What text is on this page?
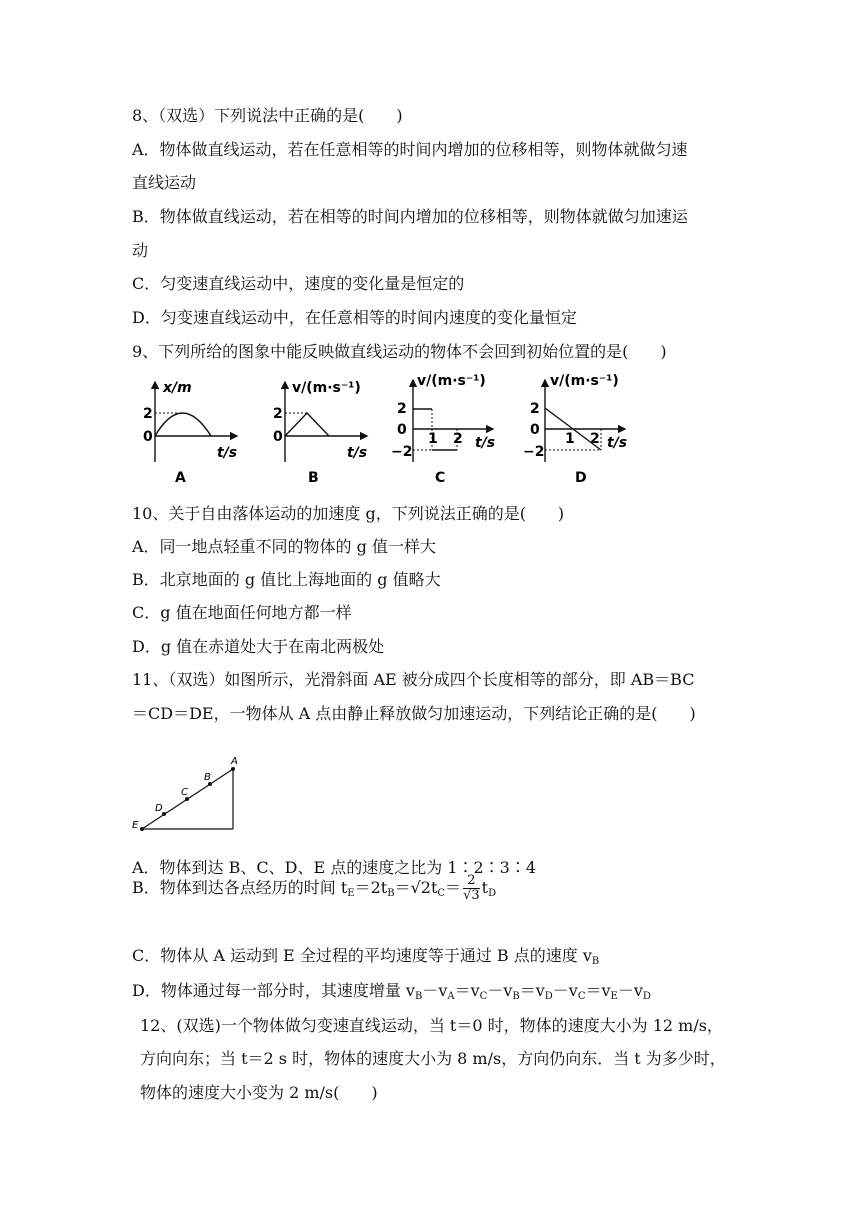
8、（双选）下列说法中正确的是(　　)
A．物体做直线运动，若在任意相等的时间内增加的位移相等，则物体就做匀速
直线运动
B．物体做直线运动，若在相等的时间内增加的位移相等，则物体就做匀加速运
动
C．匀变速直线运动中，速度的变化量是恒定的
D．匀变速直线运动中，在任意相等的时间内速度的变化量恒定
9、下列所给的图象中能反映做直线运动的物体不会回到初始位置的是(　　)
x/m
2
0
t/s
A
v/(m·s⁻¹)
2
0
t/s
B
v/(m·s⁻¹)
2
0
−2
1 2 t/s
C
v/(m·s⁻¹)
2
0
−2
1 2 t/s
D
10、关于自由落体运动的加速度 g，下列说法正确的是(　　)
A．同一地点轻重不同的物体的 g 值一样大
B．北京地面的 g 值比上海地面的 g 值略大
C．g 值在地面任何地方都一样
D．g 值在赤道处大于在南北两极处
11、（双选）如图所示，光滑斜面 AE 被分成四个长度相等的部分，即 AB＝BC
＝CD＝DE，一物体从 A 点由静止释放做匀加速运动，下列结论正确的是(　　)
A
B
C
D
E
A．物体到达 B、C、D、E 点的速度之比为 1∶2∶3∶4
B．物体到达各点经历的时间 $t_E=2t_B=√2t_C= \frac{2}{√3} t_D$
C．物体从 A 运动到 E 全过程的平均速度等于通过 B 点的速度 $v_B$
D．物体通过每一部分时，其速度增量 $v_B-v_A=v_C-v_B=v_D-v_C=v_E-v_D$
12、(双选)一个物体做匀变速直线运动，当 t＝0 时，物体的速度大小为 12 m/s，
方向向东；当 t＝2 s 时，物体的速度大小为 8 m/s，方向仍向东．当 t 为多少时，
物体的速度大小变为 2 m/s(　　)
